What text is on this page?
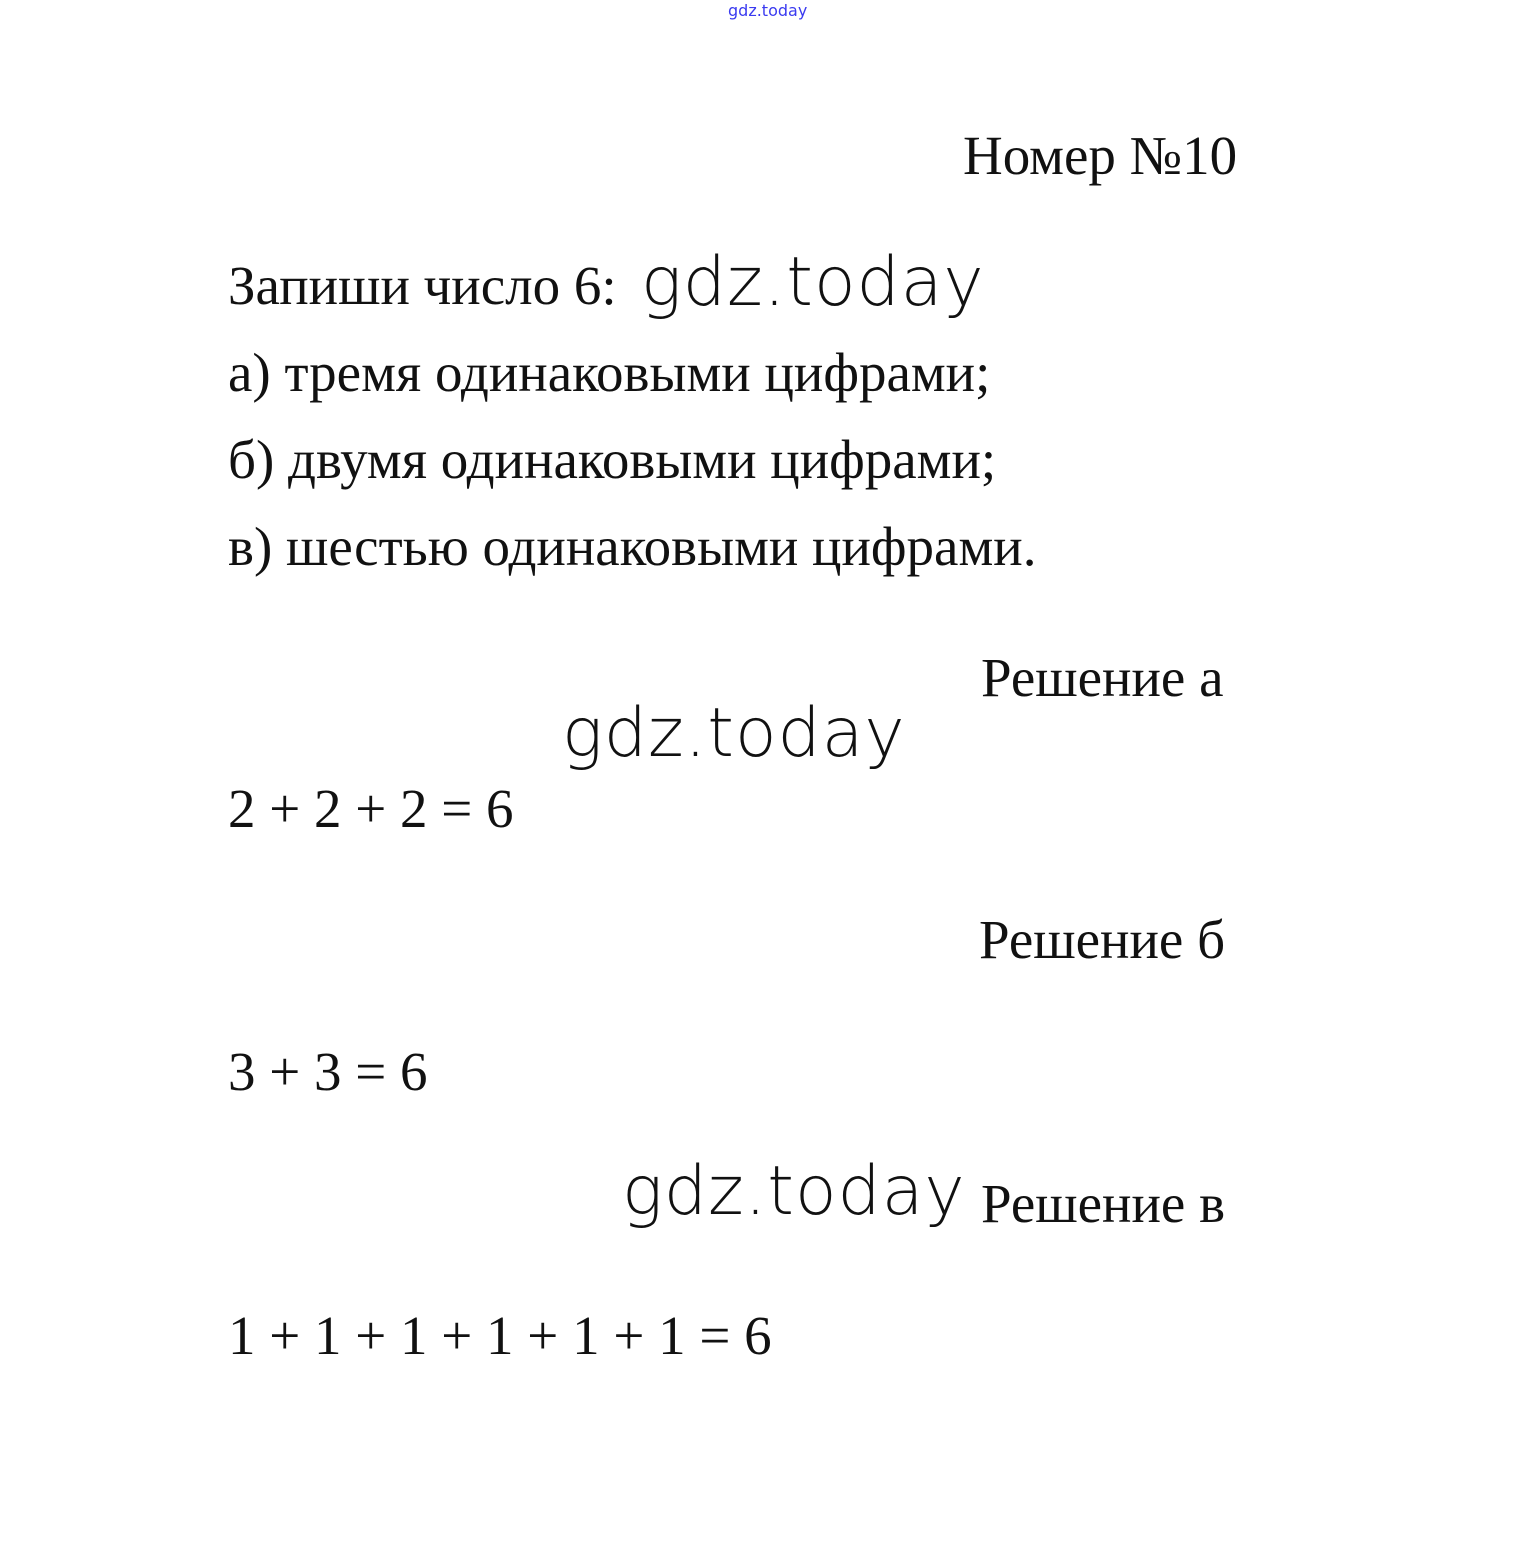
gdz.today
Номер №10
Запиши число 6: gdz.today
а) тремя одинаковыми цифрами;
б) двумя одинаковыми цифрами;
в) шестью одинаковыми цифрами.
Решение а
gdz.today
2 + 2 + 2 = 6
Решение б
3 + 3 = 6
gdz.today Решение в
1 + 1 + 1 + 1 + 1 + 1 = 6
